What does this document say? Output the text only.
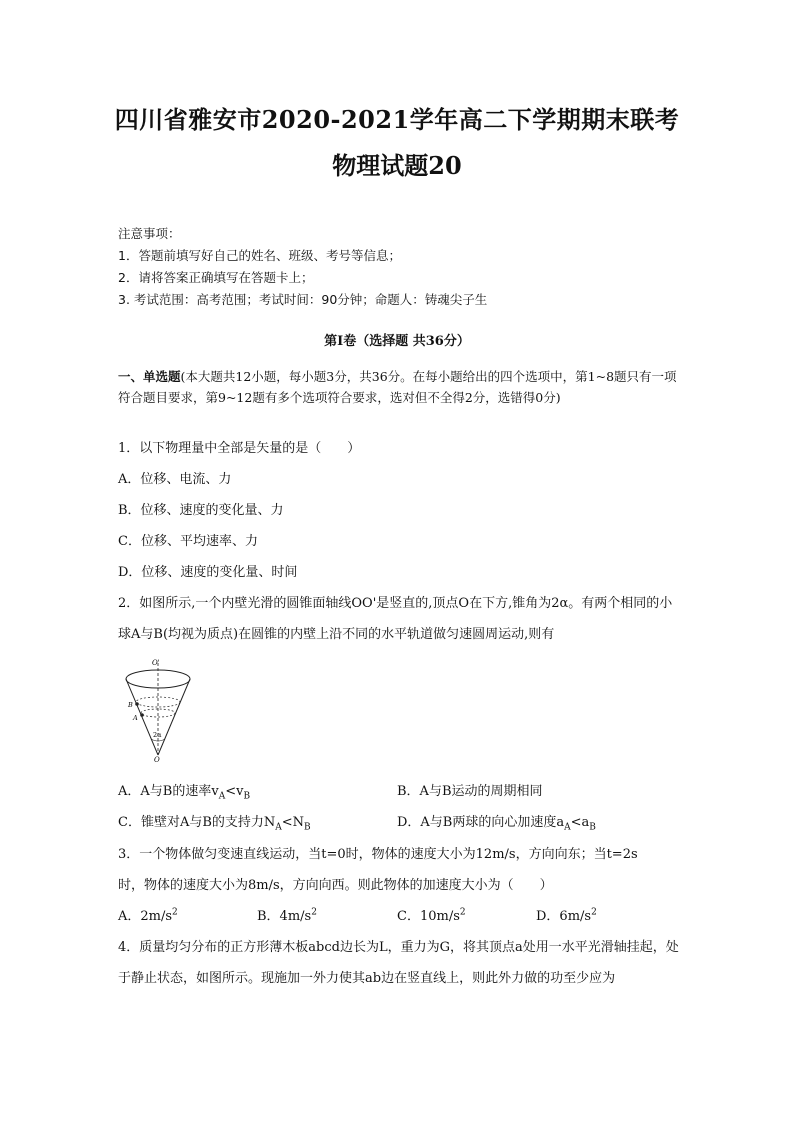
四川省雅安市2020-2021学年高二下学期期末联考
物理试题20
注意事项：
1．答题前填写好自己的姓名、班级、考号等信息；
2．请将答案正确填写在答题卡上；
3. 考试范围：高考范围；考试时间：90分钟；命题人：铸魂尖子生
第I卷（选择题 共36分）
一、单选题(本大题共12小题，每小题3分，共36分。在每小题给出的四个选项中，第1~8题只有一项符合题目要求，第9~12题有多个选项符合要求，选对但不全得2分，选错得0分)
1．以下物理量中全部是矢量的是（　　）
A．位移、电流、力
B．位移、速度的变化量、力
C．位移、平均速率、力
D．位移、速度的变化量、时间
2．如图所示,一个内壁光滑的圆锥面轴线OO'是竖直的,顶点O在下方,锥角为2α。有两个相同的小球A与B(均视为质点)在圆锥的内壁上沿不同的水平轨道做匀速圆周运动,则有
O'
O
B
A
2α
A．A与B的速率$v_A<v_B$	B．A与B运动的周期相同
C．锥壁对A与B的支持力$N_A<N_B$	D．A与B两球的向心加速度$a_A<a_B$
3．一个物体做匀变速直线运动，当t=0时，物体的速度大小为12m/s，方向向东；当t=2s
时，物体的速度大小为8m/s，方向向西。则此物体的加速度大小为（　　）
A．$2m/s^2$	B．$4m/s^2$	C．$10m/s^2$	D．$6m/s^2$
4．质量均匀分布的正方形薄木板abcd边长为L，重力为G，将其顶点a处用一水平光滑轴挂起，处于静止状态，如图所示。现施加一外力使其ab边在竖直线上，则此外力做的功至少应为
